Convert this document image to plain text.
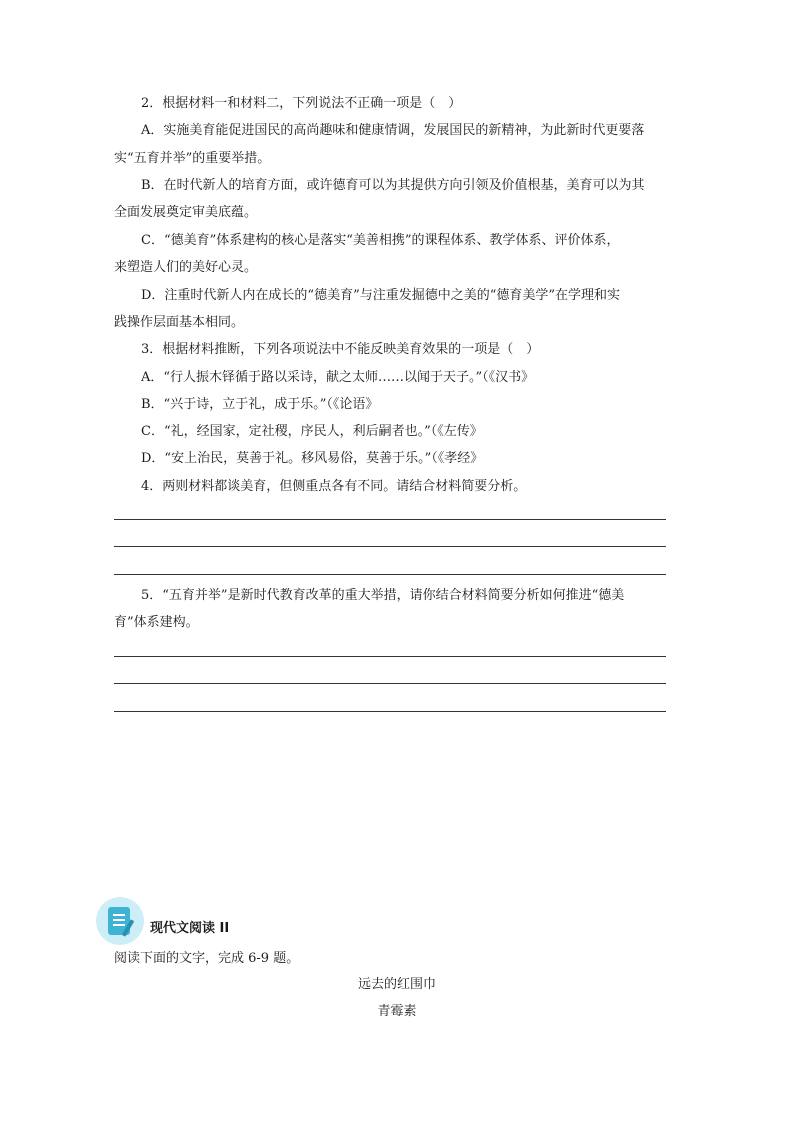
2．根据材料一和材料二，下列说法不正确一项是（　）
A．实施美育能促进国民的高尚趣味和健康情调，发展国民的新精神，为此新时代更要落
实“五育并举”的重要举措。
B．在时代新人的培育方面，或许德育可以为其提供方向引领及价值根基，美育可以为其
全面发展奠定审美底蕴。
C．“德美育”体系建构的核心是落实“美善相携”的课程体系、教学体系、评价体系，
来塑造人们的美好心灵。
D．注重时代新人内在成长的“德美育”与注重发掘德中之美的“德育美学”在学理和实
践操作层面基本相同。
3．根据材料推断，下列各项说法中不能反映美育效果的一项是（　）
A．“行人振木铎循于路以采诗，献之太师……以闻于天子。”（《汉书》
B．“兴于诗，立于礼，成于乐。”（《论语》
C．“礼，经国家，定社稷，序民人，利后嗣者也。”（《左传》
D．“安上治民，莫善于礼。移风易俗，莫善于乐。”（《孝经》
4．两则材料都谈美育，但侧重点各有不同。请结合材料简要分析。
5．“五育并举”是新时代教育改革的重大举措，请你结合材料简要分析如何推进“德美
育”体系建构。
现代文阅读 II
阅读下面的文字，完成 6-9 题。
远去的红围巾
青霉素
